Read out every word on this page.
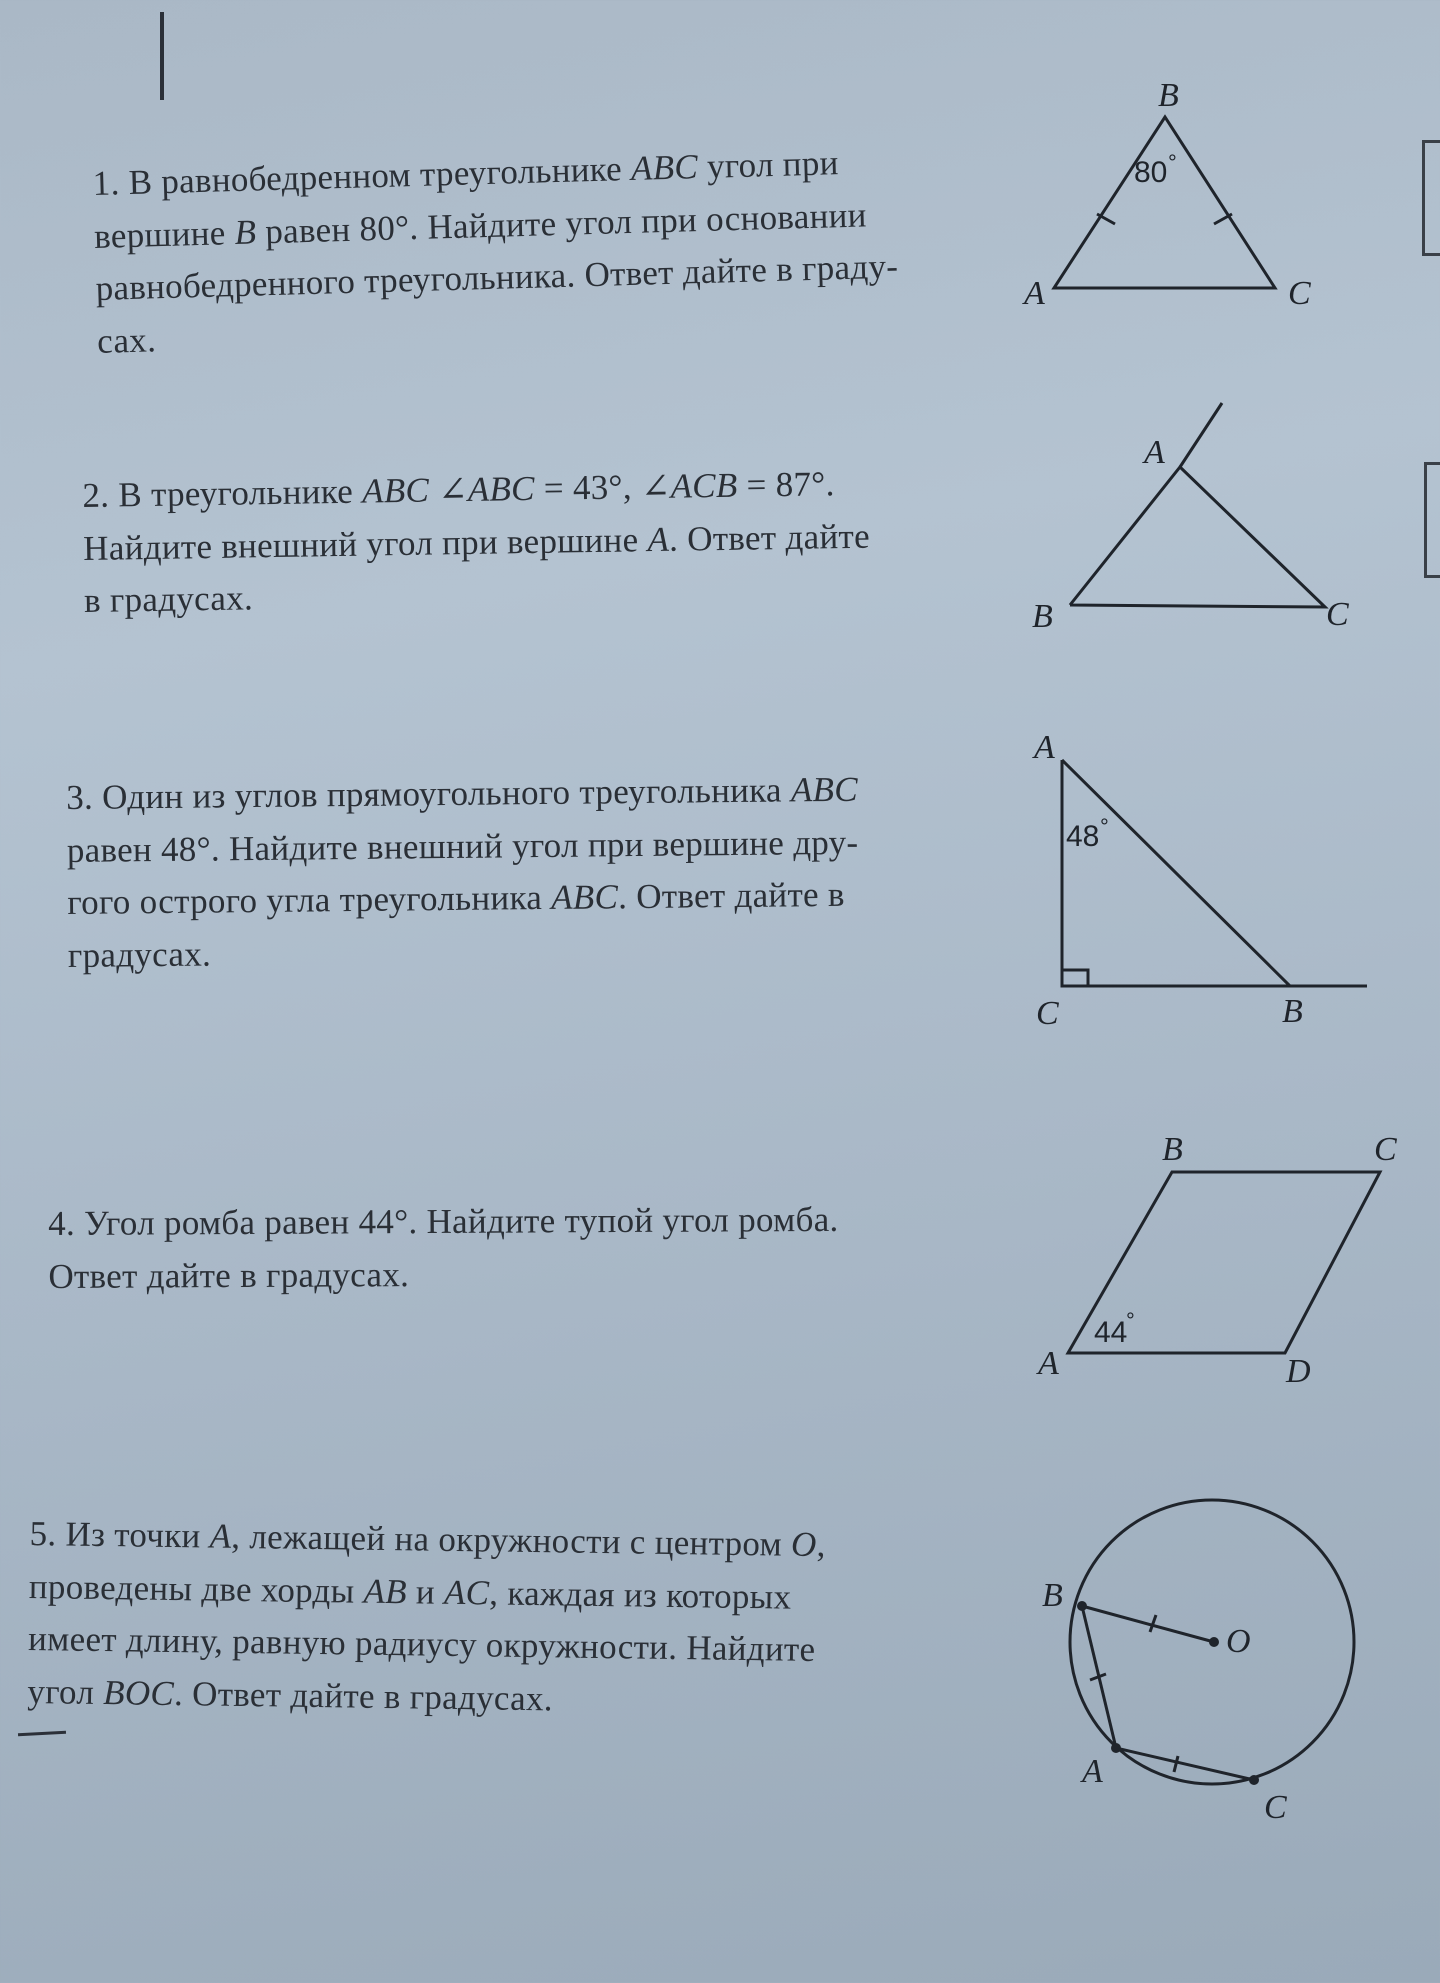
1. В равнобедренном треугольнике ABC угол при

вершине B равен 80°. Найдите угол при основании

равнобедренного треугольника. Ответ дайте в граду-

сах.

2. В треугольнике ABC ∠ABC = 43°, ∠ACB = 87°.

Найдите внешний угол при вершине A. Ответ дайте

в градусах.

3. Один из углов прямоугольного треугольника ABC

равен 48°. Найдите внешний угол при вершине дру-

гого острого угла треугольника ABC. Ответ дайте в

градусах.

4. Угол ромба равен 44°. Найдите тупой угол ромба.

Ответ дайте в градусах.

5. Из точки A, лежащей на окружности с центром O,

проведены две хорды AB и AC, каждая из которых

имеет длину, равную радиусу окружности. Найдите

угол BOC. Ответ дайте в градусах.

B
A	C
80 °
A
B	C
A
C	B
48 °
B	C
A	D
44
°
B
O
A
C
